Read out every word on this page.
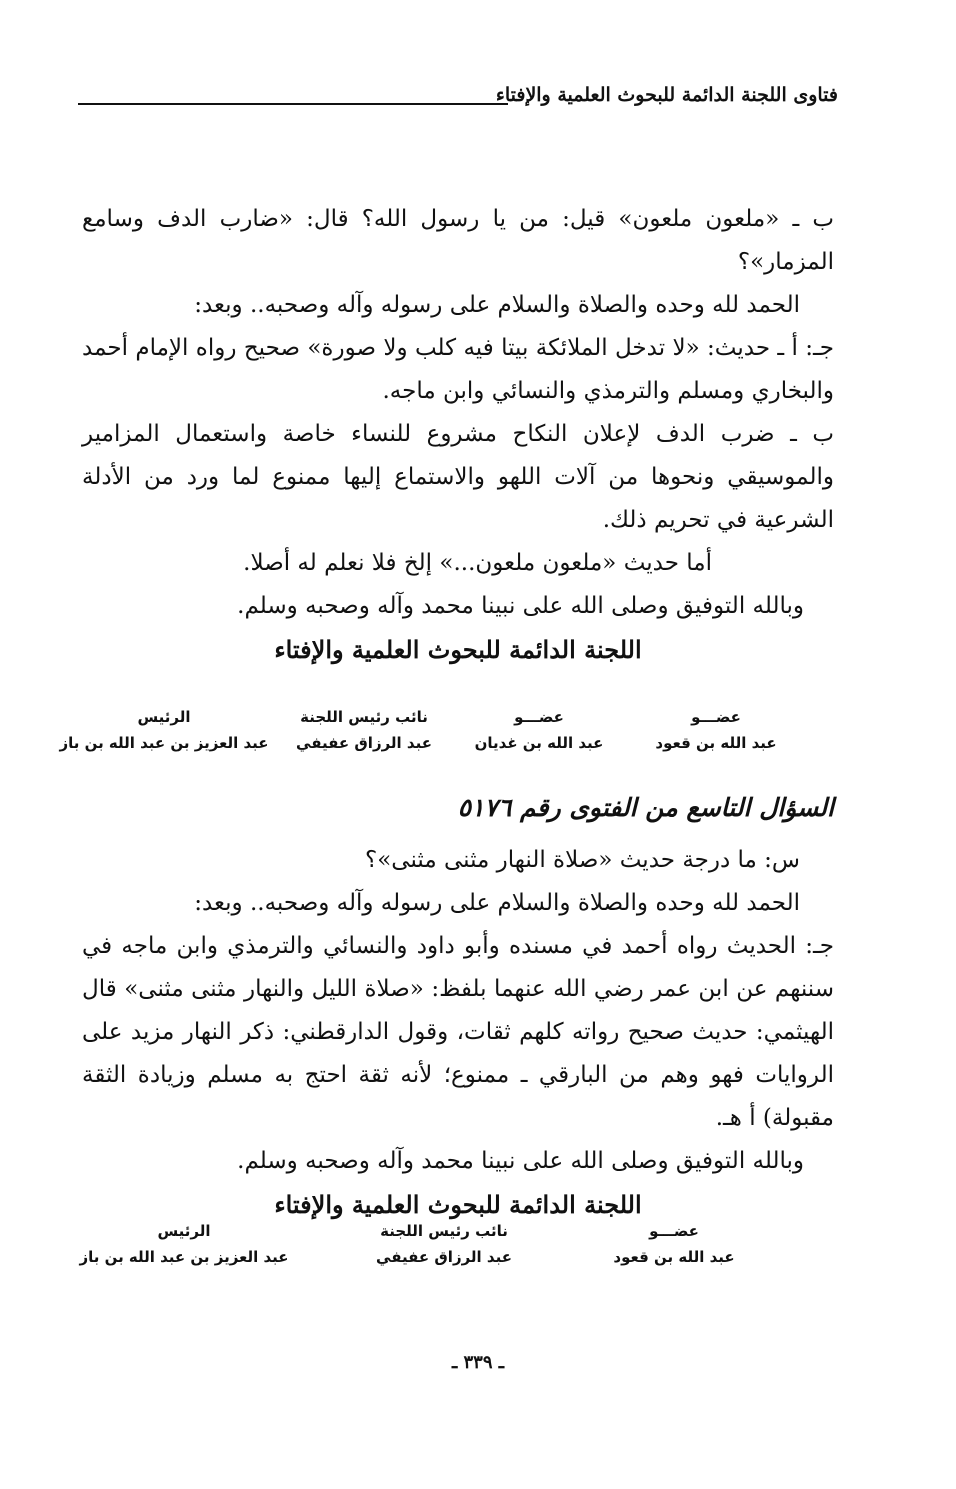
فتاوى اللجنة الدائمة للبحوث العلمية والإفتاء

ب ـ «ملعون ملعون» قيل: من يا رسول الله؟ قال: «ضارب الدف وسامع المزمار»؟

الحمد لله وحده والصلاة والسلام على رسوله وآله وصحبه.. وبعد:

جـ: أ ـ حديث: «لا تدخل الملائكة بيتا فيه كلب ولا صورة» صحيح رواه الإمام أحمد والبخاري ومسلم والترمذي والنسائي وابن ماجه.

ب ـ ضرب الدف لإعلان النكاح مشروع للنساء خاصة واستعمال المزامير والموسيقي ونحوها من آلات اللهو والاستماع إليها ممنوع لما ورد من الأدلة الشرعية في تحريم ذلك.

أما حديث «ملعون ملعون...» إلخ فلا نعلم له أصلا.

وبالله التوفيق وصلى الله على نبينا محمد وآله وصحبه وسلم.

اللجنة الدائمة للبحوث العلمية والإفتاء

الرئيس
عبد العزيز بن عبد الله بن باز
نائب رئيس اللجنة
عبد الرزاق عفيفي
عضـــو
عبد الله بن غديان
عضـــو
عبد الله بن قعود
السؤال التاسع من الفتوى رقم ٥١٧٦

س: ما درجة حديث «صلاة النهار مثنى مثنى»؟

الحمد لله وحده والصلاة والسلام على رسوله وآله وصحبه.. وبعد:

جـ: الحديث رواه أحمد في مسنده وأبو داود والنسائي والترمذي وابن ماجه في سننهم عن ابن عمر رضي الله عنهما بلفظ: «صلاة الليل والنهار مثنى مثنى» قال الهيثمي: حديث صحيح رواته كلهم ثقات، وقول الدارقطني: ذكر النهار مزيد على الروايات فهو وهم من البارقي ـ ممنوع؛ لأنه ثقة احتج به مسلم وزيادة الثقة مقبولة) أ هـ.

وبالله التوفيق وصلى الله على نبينا محمد وآله وصحبه وسلم.

اللجنة الدائمة للبحوث العلمية والإفتاء

الرئيس
عبد العزيز بن عبد الله بن باز
نائب رئيس اللجنة
عبد الرزاق عفيفي
عضـــو
عبد الله بن قعود
ـ ٣٣٩ ـ
